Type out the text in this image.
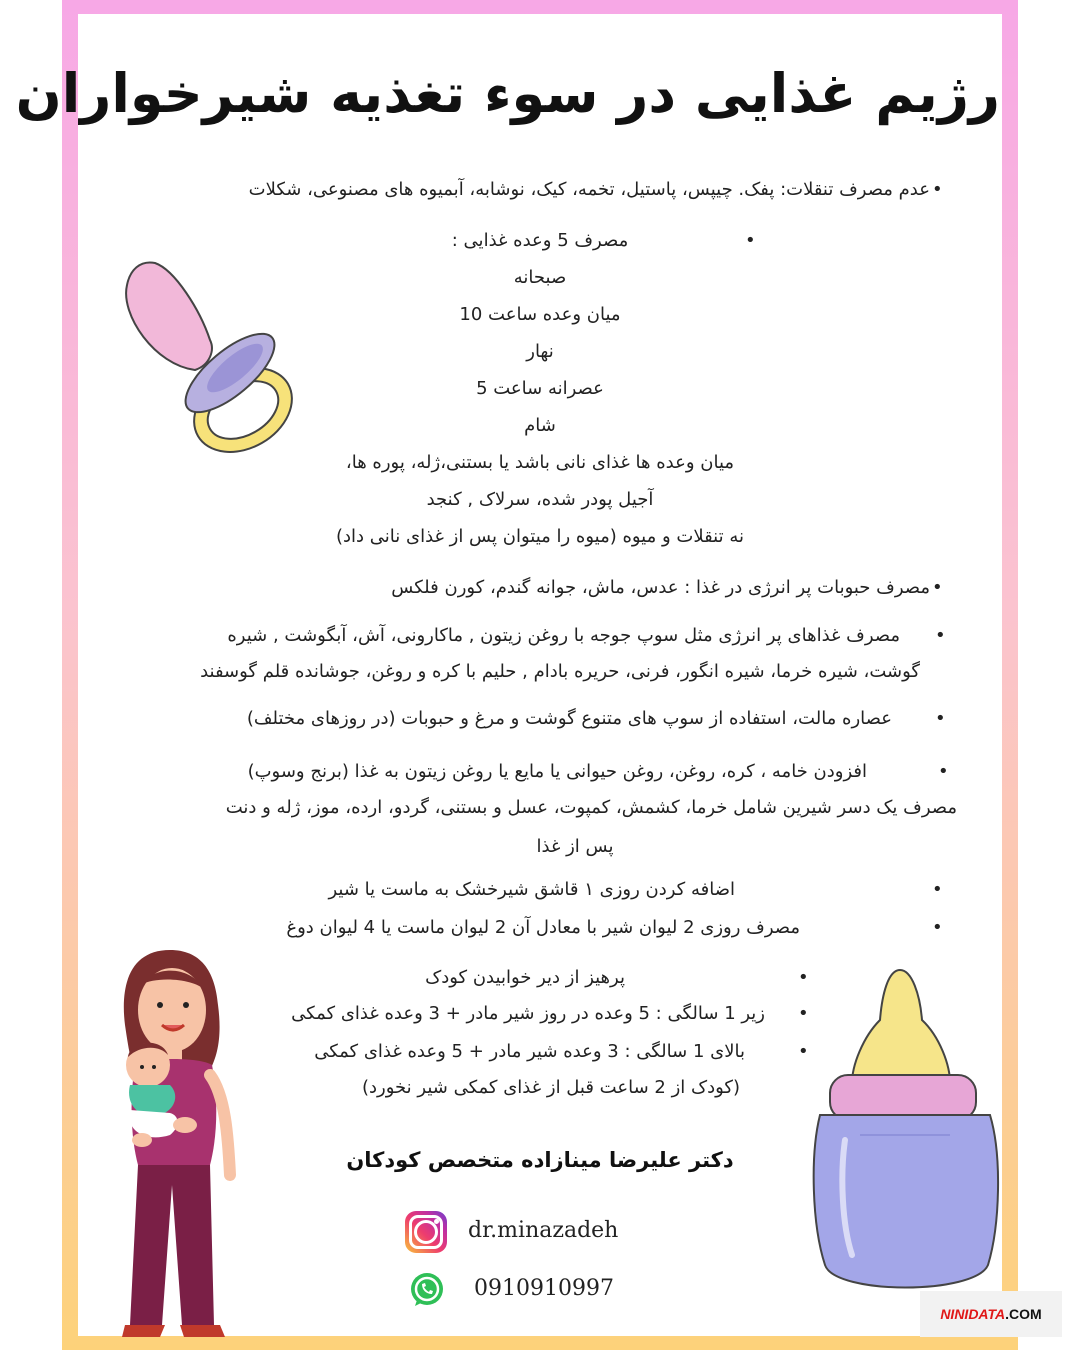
رژیم غذایی در سوء تغذیه شیرخواران
•
عدم مصرف تنقلات: پفک. چیپس، پاستیل، تخمه، کیک، نوشابه، آبمیوه های مصنوعی، شکلات
•
مصرف 5 وعده غذایی :
صبحانه
میان وعده ساعت 10
نهار
عصرانه ساعت 5
شام
میان وعده ها غذای نانی باشد یا بستنی،ژله، پوره ها،
آجیل پودر شده، سرلاک , کنجد
نه تنقلات و میوه (میوه را میتوان پس از غذای نانی داد)
•
مصرف حبوبات پر انرژی در غذا : عدس، ماش، جوانه گندم، کورن فلکس
•
مصرف غذاهای پر انرژی مثل سوپ جوجه با روغن زیتون , ماکارونی، آش، آبگوشت , شیره
گوشت، شیره خرما، شیره انگور، فرنی، حریره بادام , حلیم با کره و روغن، جوشانده قلم گوسفند
•
عصاره مالت، استفاده از سوپ های متنوع گوشت و مرغ و حبوبات (در روزهای مختلف)
•
افزودن خامه ، کره، روغن، روغن حیوانی یا مایع یا روغن زیتون به غذا (برنج وسوپ)
مصرف یک دسر شیرین شامل خرما، کشمش، کمپوت، عسل و بستنی، گردو، ارده، موز، ژله و دنت
پس از غذا
•
اضافه کردن روزی ۱ قاشق شیرخشک به ماست یا شیر
•
مصرف روزی 2 لیوان شیر با معادل آن 2 لیوان ماست یا 4 لیوان دوغ
•
پرهیز از دیر خوابیدن کودک
•
زیر 1 سالگی : 5 وعده در روز شیر مادر + 3 وعده غذای کمکی
•
بالای 1 سالگی : 3 وعده شیر مادر + 5 وعده غذای کمکی
(کودک از 2 ساعت قبل از غذای کمکی شیر نخورد)
دکتر علیرضا مینازاده متخصص کودکان
dr.minazadeh
0910910997
NINIDATA.COM
